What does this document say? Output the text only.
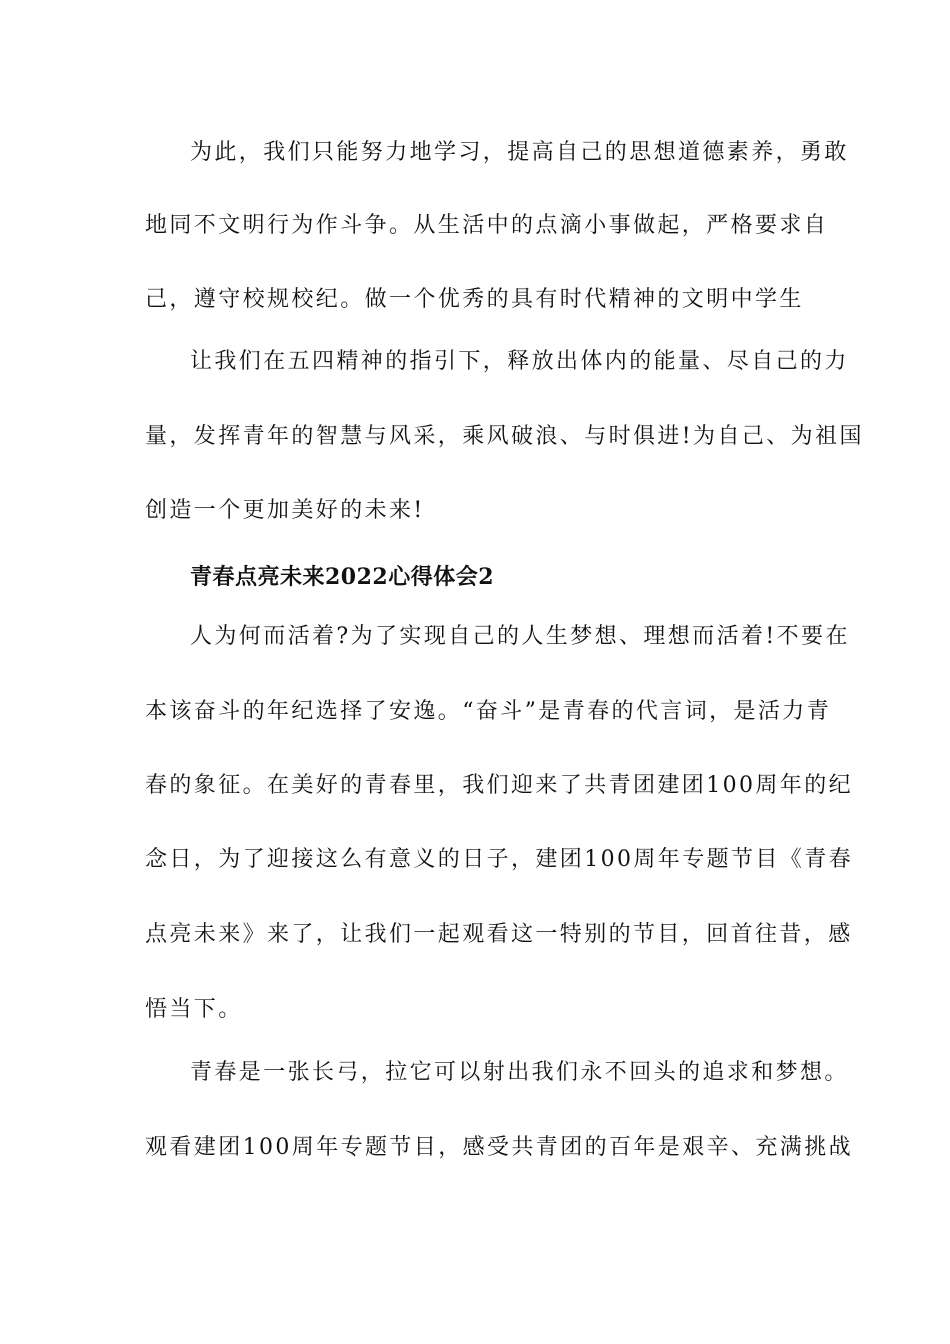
为此，我们只能努力地学习，提高自己的思想道德素养，勇敢
地同不文明行为作斗争。从生活中的点滴小事做起，严格要求自
己，遵守校规校纪。做一个优秀的具有时代精神的文明中学生
让我们在五四精神的指引下，释放出体内的能量、尽自己的力
量，发挥青年的智慧与风采，乘风破浪、与时俱进!为自己、为祖国
创造一个更加美好的未来!
青春点亮未来2022心得体会2
人为何而活着?为了实现自己的人生梦想、理想而活着!不要在
本该奋斗的年纪选择了安逸。“奋斗”是青春的代言词，是活力青
春的象征。在美好的青春里，我们迎来了共青团建团100周年的纪
念日，为了迎接这么有意义的日子，建团100周年专题节目《青春
点亮未来》来了，让我们一起观看这一特别的节目，回首往昔，感
悟当下。
青春是一张长弓，拉它可以射出我们永不回头的追求和梦想。
观看建团100周年专题节目，感受共青团的百年是艰辛、充满挑战
